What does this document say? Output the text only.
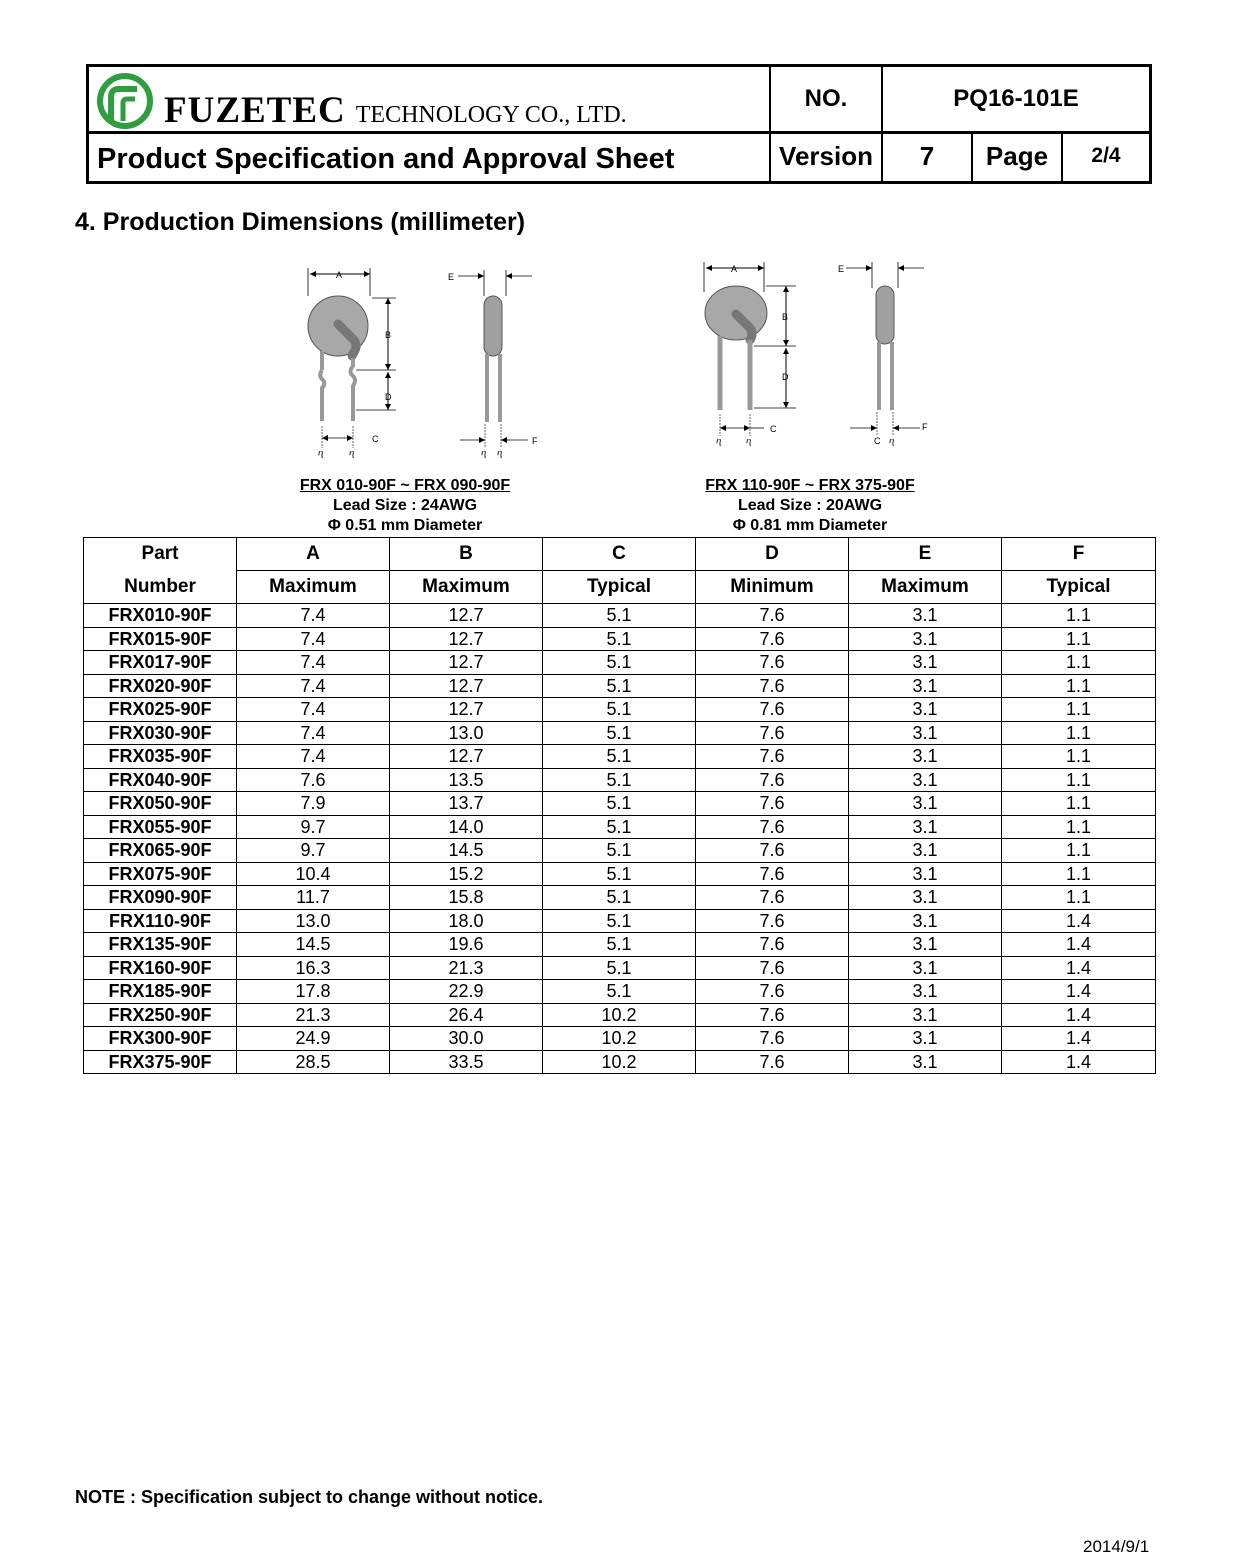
FUZETEC TECHNOLOGY CO., LTD.
Product Specification and Approval Sheet
NO.	PQ16-101E
Version	7	Page	2/4
4. Production Dimensions (millimeter)
A
B
D
C
ⴄ	ⴄ
E
F
ⴄ ⴄ
A
B
D
C
ⴄ	ⴄ
E
F
C ⴄ
FRX 010-90F ~ FRX 090-90F
Lead Size : 24AWG
Φ 0.51 mm Diameter
FRX 110-90F ~ FRX 375-90F
Lead Size : 20AWG
Φ 0.81 mm Diameter
Part	A	B	C	D	E	F
Number	Maximum	Maximum	Typical	Minimum	Maximum	Typical
FRX010-90F	7.4	12.7	5.1	7.6	3.1	1.1
FRX015-90F	7.4	12.7	5.1	7.6	3.1	1.1
FRX017-90F	7.4	12.7	5.1	7.6	3.1	1.1
FRX020-90F	7.4	12.7	5.1	7.6	3.1	1.1
FRX025-90F	7.4	12.7	5.1	7.6	3.1	1.1
FRX030-90F	7.4	13.0	5.1	7.6	3.1	1.1
FRX035-90F	7.4	12.7	5.1	7.6	3.1	1.1
FRX040-90F	7.6	13.5	5.1	7.6	3.1	1.1
FRX050-90F	7.9	13.7	5.1	7.6	3.1	1.1
FRX055-90F	9.7	14.0	5.1	7.6	3.1	1.1
FRX065-90F	9.7	14.5	5.1	7.6	3.1	1.1
FRX075-90F	10.4	15.2	5.1	7.6	3.1	1.1
FRX090-90F	11.7	15.8	5.1	7.6	3.1	1.1
FRX110-90F	13.0	18.0	5.1	7.6	3.1	1.4
FRX135-90F	14.5	19.6	5.1	7.6	3.1	1.4
FRX160-90F	16.3	21.3	5.1	7.6	3.1	1.4
FRX185-90F	17.8	22.9	5.1	7.6	3.1	1.4
FRX250-90F	21.3	26.4	10.2	7.6	3.1	1.4
FRX300-90F	24.9	30.0	10.2	7.6	3.1	1.4
FRX375-90F	28.5	33.5	10.2	7.6	3.1	1.4
NOTE : Specification subject to change without notice.
2014/9/1
